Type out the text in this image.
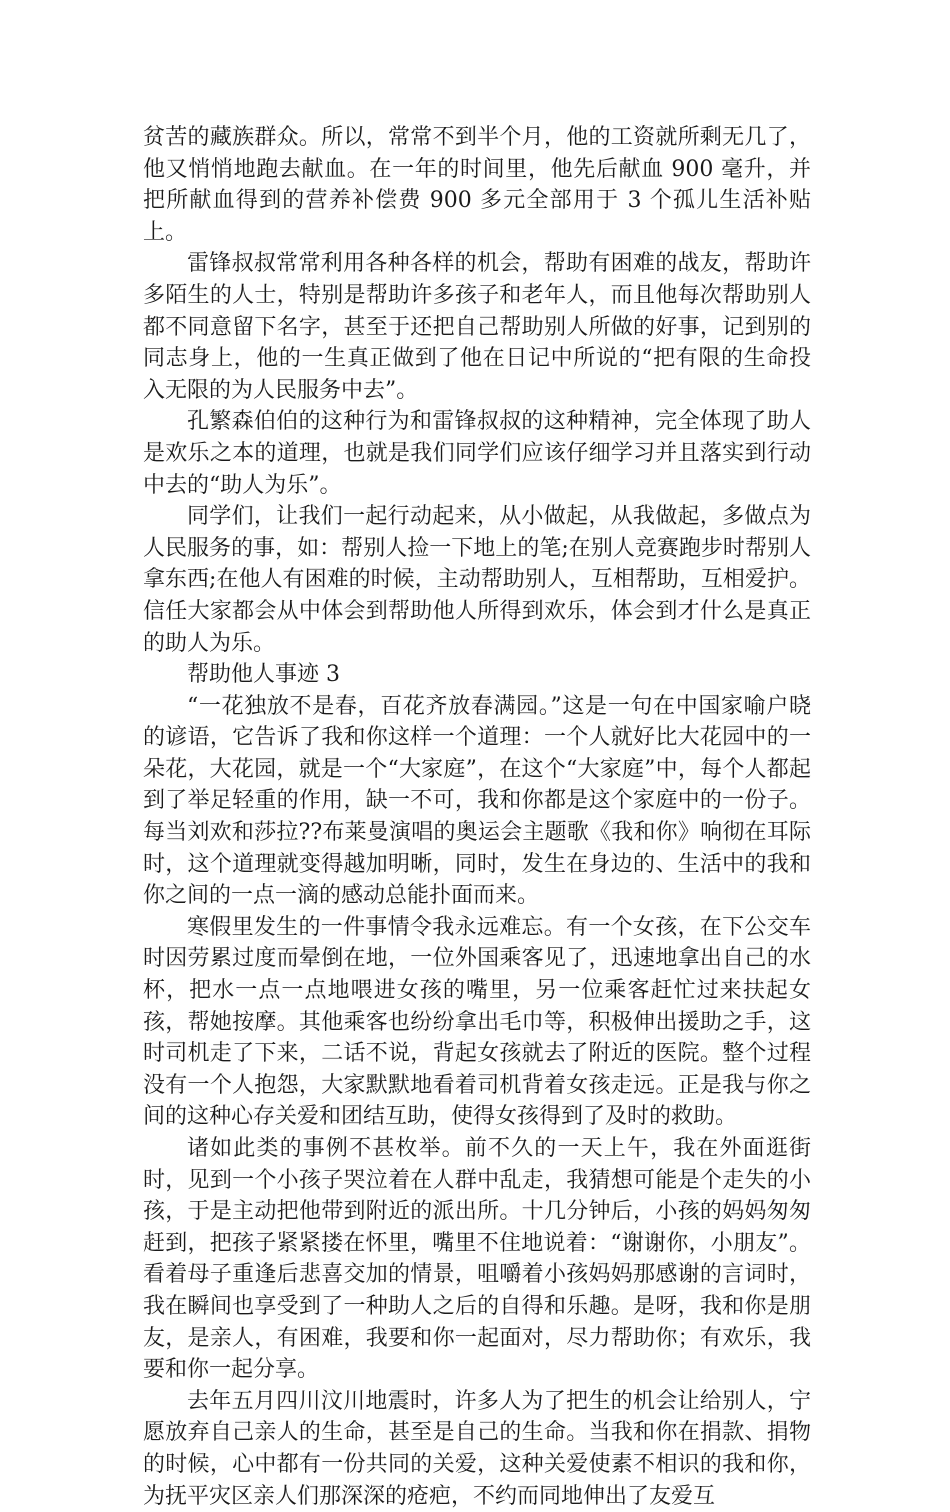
贫苦的藏族群众。所以，常常不到半个月，他的工资就所剩无几了，他又悄悄地跑去献血。在一年的时间里，他先后献血 900 毫升，并把所献血得到的营养补偿费 900 多元全部用于 3 个孤儿生活补贴上。

雷锋叔叔常常利用各种各样的机会，帮助有困难的战友，帮助许多陌生的人士，特别是帮助许多孩子和老年人，而且他每次帮助别人都不同意留下名字，甚至于还把自己帮助别人所做的好事，记到别的同志身上，他的一生真正做到了他在日记中所说的“把有限的生命投入无限的为人民服务中去”。

孔繁森伯伯的这种行为和雷锋叔叔的这种精神，完全体现了助人是欢乐之本的道理，也就是我们同学们应该仔细学习并且落实到行动中去的“助人为乐”。

同学们，让我们一起行动起来，从小做起，从我做起，多做点为人民服务的事，如：帮别人捡一下地上的笔;在别人竞赛跑步时帮别人拿东西;在他人有困难的时候，主动帮助别人，互相帮助，互相爱护。信任大家都会从中体会到帮助他人所得到欢乐，体会到才什么是真正的助人为乐。

帮助他人事迹 3

“一花独放不是春，百花齐放春满园。”这是一句在中国家喻户晓的谚语，它告诉了我和你这样一个道理：一个人就好比大花园中的一朵花，大花园，就是一个“大家庭”，在这个“大家庭”中，每个人都起到了举足轻重的作用，缺一不可，我和你都是这个家庭中的一份子。每当刘欢和莎拉??布莱曼演唱的奥运会主题歌《我和你》响彻在耳际时，这个道理就变得越加明晰，同时，发生在身边的、生活中的我和你之间的一点一滴的感动总能扑面而来。

寒假里发生的一件事情令我永远难忘。有一个女孩，在下公交车时因劳累过度而晕倒在地，一位外国乘客见了，迅速地拿出自己的水杯，把水一点一点地喂进女孩的嘴里，另一位乘客赶忙过来扶起女孩，帮她按摩。其他乘客也纷纷拿出毛巾等，积极伸出援助之手，这时司机走了下来，二话不说，背起女孩就去了附近的医院。整个过程没有一个人抱怨，大家默默地看着司机背着女孩走远。正是我与你之间的这种心存关爱和团结互助，使得女孩得到了及时的救助。

诸如此类的事例不甚枚举。前不久的一天上午，我在外面逛街时，见到一个小孩子哭泣着在人群中乱走，我猜想可能是个走失的小孩，于是主动把他带到附近的派出所。十几分钟后，小孩的妈妈匆匆赶到，把孩子紧紧搂在怀里，嘴里不住地说着：“谢谢你，小朋友”。看着母子重逢后悲喜交加的情景，咀嚼着小孩妈妈那感谢的言词时，我在瞬间也享受到了一种助人之后的自得和乐趣。是呀，我和你是朋友，是亲人，有困难，我要和你一起面对，尽力帮助你；有欢乐，我要和你一起分享。

去年五月四川汶川地震时，许多人为了把生的机会让给别人，宁愿放弃自己亲人的生命，甚至是自己的生命。当我和你在捐款、捐物的时候，心中都有一份共同的关爱，这种关爱使素不相识的我和你，为抚平灾区亲人们那深深的疮疤，不约而同地伸出了友爱互
